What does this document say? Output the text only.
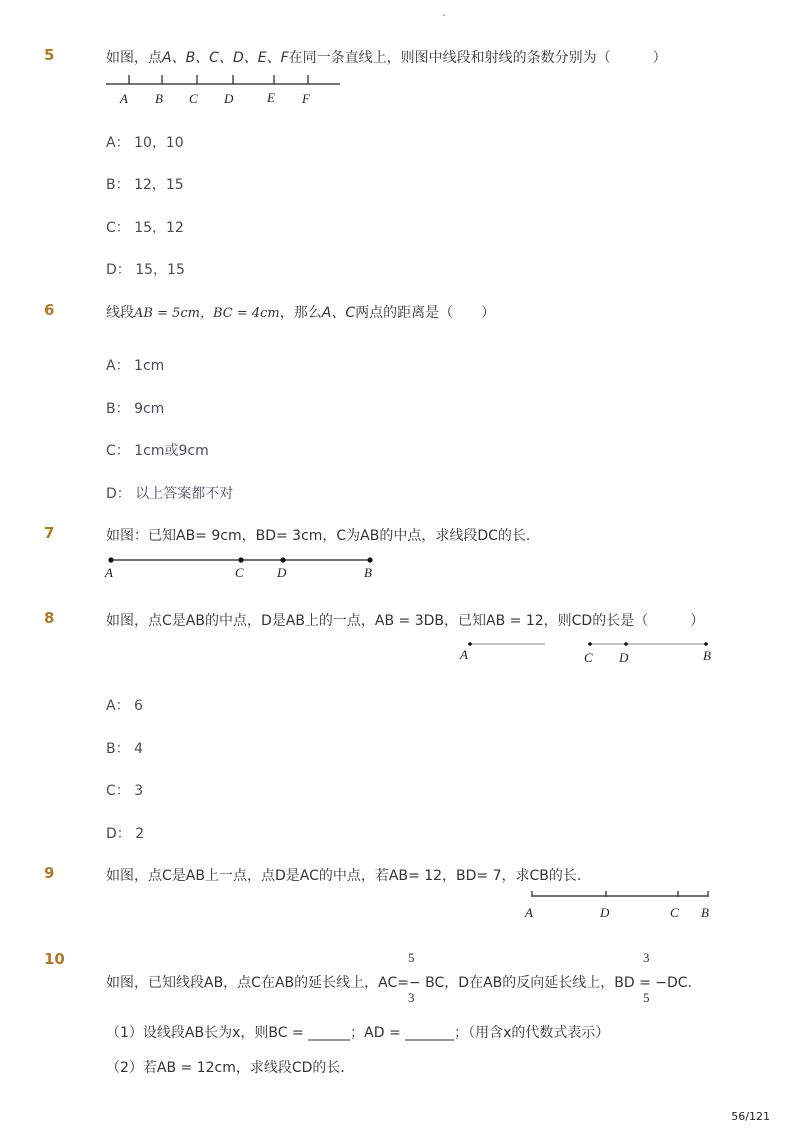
-
5	如图，点A、B、C、D、E、F在同一条直线上，则图中线段和射线的条数分别为（　　　）
A B C D	E F
A： 10，10
B： 12，15
C： 15，12
D： 15，15
6	线段AB = 5cm，BC = 4cm，那么A、C两点的距离是（　　）
A： 1cm
B： 9cm
C： 1cm或9cm
D： 以上答案都不对
7	如图：已知AB= 9cm，BD= 3cm，C为AB的中点，求线段DC的长．
A	C	D	B
8	如图，点C是AB的中点，D是AB上的一点，AB = 3DB，已知AB = 12，则CD的长是（　　　）
A	C D	B
A： 6
B： 4
C： 3
D： 2
9	如图，点C是AB上一点，点D是AC的中点，若AB= 12，BD= 7，求CB的长．
A	D	C B
10	5	3
如图，已知线段AB，点C在AB的延长线上，AC=− BC，D在AB的反向延长线上，BD = −DC.
3	5
（1）设线段AB长为x，则BC = ______；AD = _______；（用含x的代数式表示）
（2）若AB = 12cm，求线段CD的长．
56/121
